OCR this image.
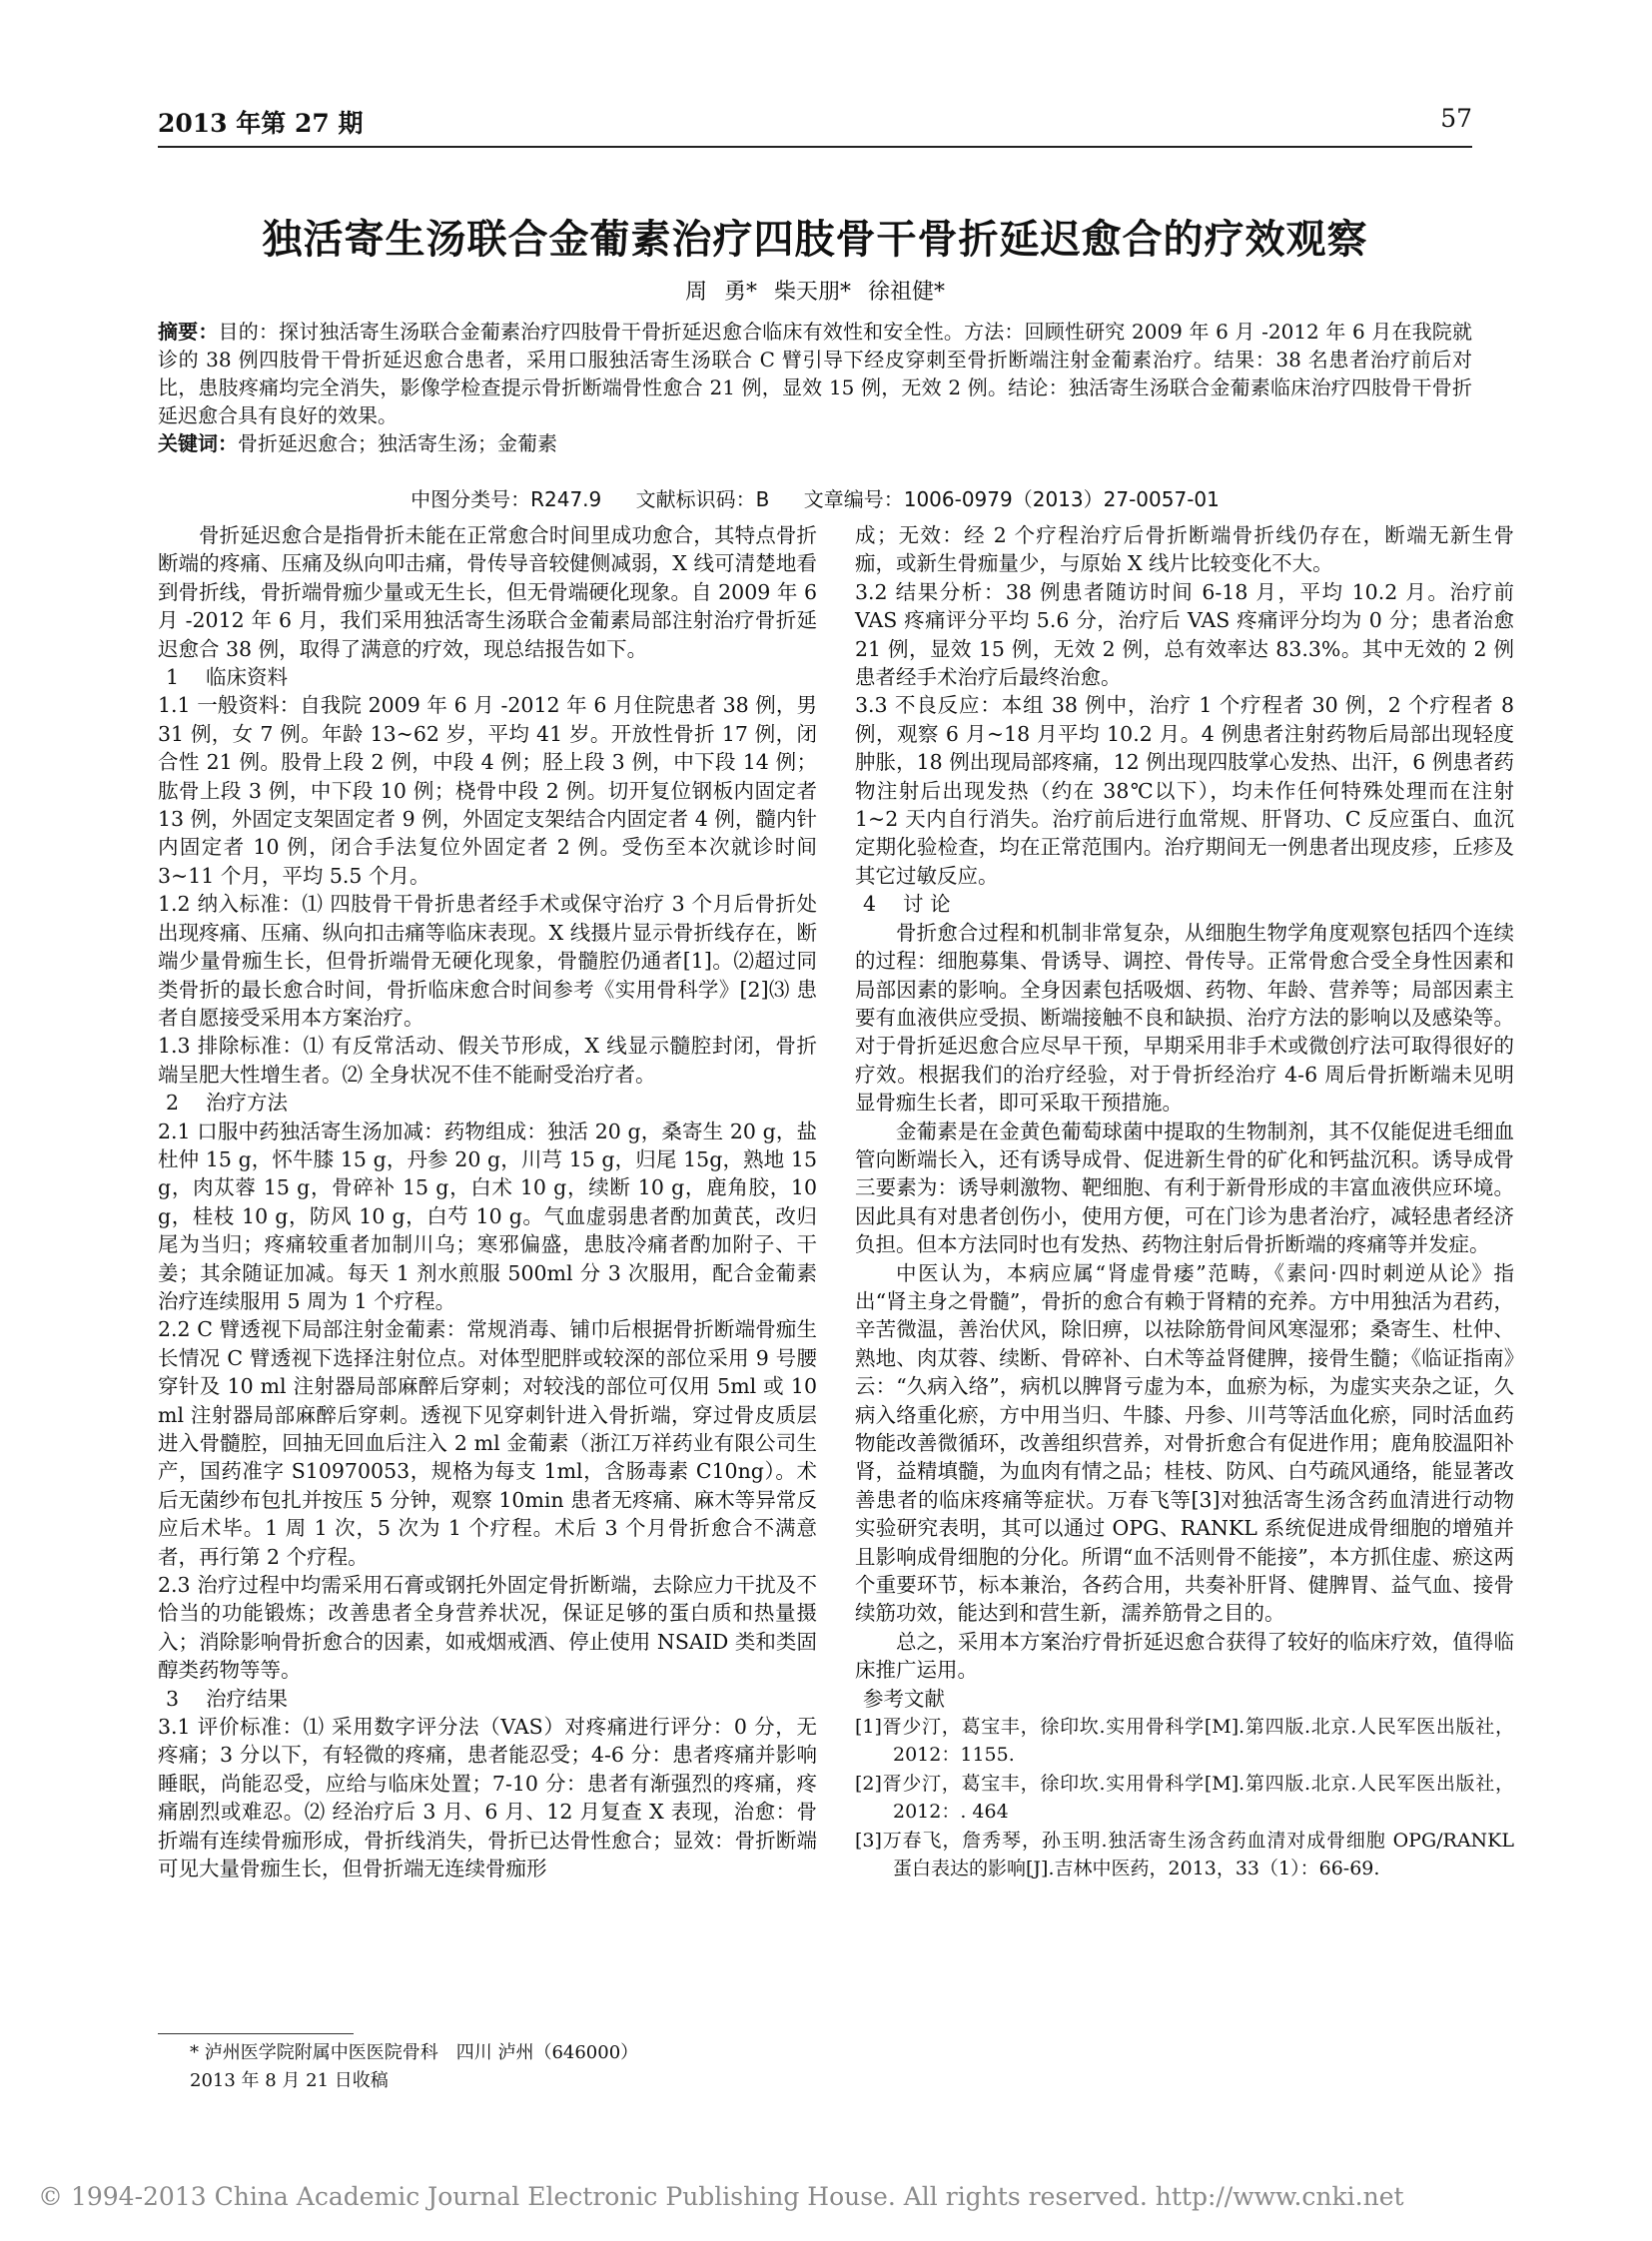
2013 年第 27 期	57
独活寄生汤联合金葡素治疗四肢骨干骨折延迟愈合的疗效观察
周 勇* 柴天朋* 徐祖健*

摘要：目的：探讨独活寄生汤联合金葡素治疗四肢骨干骨折延迟愈合临床有效性和安全性。方法：回顾性研究 2009 年 6 月 -2012 年 6 月在我院就诊的 38 例四肢骨干骨折延迟愈合患者，采用口服独活寄生汤联合 C 臂引导下经皮穿刺至骨折断端注射金葡素治疗。结果：38 名患者治疗前后对比，患肢疼痛均完全消失，影像学检查提示骨折断端骨性愈合 21 例，显效 15 例，无效 2 例。结论：独活寄生汤联合金葡素临床治疗四肢骨干骨折延迟愈合具有良好的效果。

关键词：骨折延迟愈合；独活寄生汤；金葡素

中图分类号：R247.9 文献标识码：B 文章编号：1006-0979（2013）27-0057-01

骨折延迟愈合是指骨折未能在正常愈合时间里成功愈合，其特点骨折断端的疼痛、压痛及纵向叩击痛，骨传导音较健侧减弱，X 线可清楚地看到骨折线，骨折端骨痂少量或无生长，但无骨端硬化现象。自 2009 年 6 月 -2012 年 6 月，我们采用独活寄生汤联合金葡素局部注射治疗骨折延迟愈合 38 例，取得了满意的疗效，现总结报告如下。

1　 临床资料

1.1 一般资料：自我院 2009 年 6 月 -2012 年 6 月住院患者 38 例，男 31 例，女 7 例。年龄 13~62 岁，平均 41 岁。开放性骨折 17 例，闭合性 21 例。股骨上段 2 例，中段 4 例；胫上段 3 例，中下段 14 例；肱骨上段 3 例，中下段 10 例；桡骨中段 2 例。切开复位钢板内固定者 13 例，外固定支架固定者 9 例，外固定支架结合内固定者 4 例，髓内针内固定者 10 例，闭合手法复位外固定者 2 例。受伤至本次就诊时间 3~11 个月，平均 5.5 个月。

1.2 纳入标准：⑴ 四肢骨干骨折患者经手术或保守治疗 3 个月后骨折处出现疼痛、压痛、纵向扣击痛等临床表现。X 线摄片显示骨折线存在，断端少量骨痂生长，但骨折端骨无硬化现象，骨髓腔仍通者[1]。⑵超过同类骨折的最长愈合时间，骨折临床愈合时间参考《实用骨科学》[2]⑶ 患者自愿接受采用本方案治疗。

1.3 排除标准：⑴ 有反常活动、假关节形成，X 线显示髓腔封闭，骨折端呈肥大性增生者。⑵ 全身状况不佳不能耐受治疗者。

2　 治疗方法

2.1 口服中药独活寄生汤加减：药物组成：独活 20 g，桑寄生 20 g，盐杜仲 15 g，怀牛膝 15 g，丹参 20 g，川芎 15 g，归尾 15g，熟地 15 g，肉苁蓉 15 g，骨碎补 15 g，白术 10 g，续断 10 g，鹿角胶，10 g，桂枝 10 g，防风 10 g，白芍 10 g。气血虚弱患者酌加黄芪，改归尾为当归；疼痛较重者加制川乌；寒邪偏盛，患肢冷痛者酌加附子、干姜；其余随证加减。每天 1 剂水煎服 500ml 分 3 次服用，配合金葡素治疗连续服用 5 周为 1 个疗程。

2.2 C 臂透视下局部注射金葡素：常规消毒、铺巾后根据骨折断端骨痂生长情况 C 臂透视下选择注射位点。对体型肥胖或较深的部位采用 9 号腰穿针及 10 ml 注射器局部麻醉后穿刺；对较浅的部位可仅用 5ml 或 10 ml 注射器局部麻醉后穿刺。透视下见穿刺针进入骨折端，穿过骨皮质层进入骨髓腔，回抽无回血后注入 2 ml 金葡素（浙江万祥药业有限公司生产，国药准字 S10970053，规格为每支 1ml，含肠毒素 C10ng）。术后无菌纱布包扎并按压 5 分钟，观察 10min 患者无疼痛、麻木等异常反应后术毕。1 周 1 次，5 次为 1 个疗程。术后 3 个月骨折愈合不满意者，再行第 2 个疗程。

2.3 治疗过程中均需采用石膏或钢托外固定骨折断端，去除应力干扰及不恰当的功能锻炼；改善患者全身营养状况，保证足够的蛋白质和热量摄入；消除影响骨折愈合的因素，如戒烟戒酒、停止使用 NSAID 类和类固醇类药物等等。

3　 治疗结果

3.1 评价标准：⑴ 采用数字评分法（VAS）对疼痛进行评分：0 分，无疼痛；3 分以下，有轻微的疼痛，患者能忍受；4-6 分：患者疼痛并影响睡眠，尚能忍受，应给与临床处置；7-10 分：患者有渐强烈的疼痛，疼痛剧烈或难忍。⑵ 经治疗后 3 月、6 月、12 月复查 X 表现，治愈：骨折端有连续骨痂形成，骨折线消失，骨折已达骨性愈合；显效：骨折断端可见大量骨痂生长，但骨折端无连续骨痂形

成；无效：经 2 个疗程治疗后骨折断端骨折线仍存在，断端无新生骨痂，或新生骨痂量少，与原始 X 线片比较变化不大。

3.2 结果分析：38 例患者随访时间 6-18 月，平均 10.2 月。治疗前 VAS 疼痛评分平均 5.6 分，治疗后 VAS 疼痛评分均为 0 分；患者治愈 21 例，显效 15 例，无效 2 例，总有效率达 83.3%。其中无效的 2 例患者经手术治疗后最终治愈。

3.3 不良反应：本组 38 例中，治疗 1 个疗程者 30 例，2 个疗程者 8 例，观察 6 月~18 月平均 10.2 月。4 例患者注射药物后局部出现轻度肿胀，18 例出现局部疼痛，12 例出现四肢掌心发热、出汗，6 例患者药物注射后出现发热（约在 38℃以下），均未作任何特殊处理而在注射 1~2 天内自行消失。治疗前后进行血常规、肝肾功、C 反应蛋白、血沉定期化验检查，均在正常范围内。治疗期间无一例患者出现皮疹，丘疹及其它过敏反应。

4　 讨 论

骨折愈合过程和机制非常复杂，从细胞生物学角度观察包括四个连续的过程：细胞募集、骨诱导、调控、骨传导。正常骨愈合受全身性因素和局部因素的影响。全身因素包括吸烟、药物、年龄、营养等；局部因素主要有血液供应受损、断端接触不良和缺损、治疗方法的影响以及感染等。对于骨折延迟愈合应尽早干预，早期采用非手术或微创疗法可取得很好的疗效。根据我们的治疗经验，对于骨折经治疗 4-6 周后骨折断端未见明显骨痂生长者，即可采取干预措施。

金葡素是在金黄色葡萄球菌中提取的生物制剂，其不仅能促进毛细血管向断端长入，还有诱导成骨、促进新生骨的矿化和钙盐沉积。诱导成骨三要素为：诱导刺激物、靶细胞、有利于新骨形成的丰富血液供应环境。因此具有对患者创伤小，使用方便，可在门诊为患者治疗，减轻患者经济负担。但本方法同时也有发热、药物注射后骨折断端的疼痛等并发症。

中医认为，本病应属“肾虚骨痿”范畴，《素问·四时刺逆从论》指出“肾主身之骨髓”，骨折的愈合有赖于肾精的充养。方中用独活为君药，辛苦微温，善治伏风，除旧痹，以祛除筋骨间风寒湿邪；桑寄生、杜仲、熟地、肉苁蓉、续断、骨碎补、白术等益肾健脾，接骨生髓；《临证指南》云：“久病入络”，病机以脾肾亏虚为本，血瘀为标，为虚实夹杂之证，久病入络重化瘀，方中用当归、牛膝、丹参、川芎等活血化瘀，同时活血药物能改善微循环，改善组织营养，对骨折愈合有促进作用；鹿角胶温阳补肾，益精填髓，为血肉有情之品；桂枝、防风、白芍疏风通络，能显著改善患者的临床疼痛等症状。万春飞等[3]对独活寄生汤含药血清进行动物实验研究表明，其可以通过 OPG、RANKL 系统促进成骨细胞的增殖并且影响成骨细胞的分化。所谓“血不活则骨不能接”，本方抓住虚、瘀这两个重要环节，标本兼治，各药合用，共奏补肝肾、健脾胃、益气血、接骨续筋功效，能达到和营生新，濡养筋骨之目的。

总之，采用本方案治疗骨折延迟愈合获得了较好的临床疗效，值得临床推广运用。

参考文献

[1]胥少汀，葛宝丰，徐印坎.实用骨科学[M].第四版.北京.人民军医出版社，2012：1155.

[2]胥少汀，葛宝丰，徐印坎.实用骨科学[M].第四版.北京.人民军医出版社，2012：. 464

[3]万春飞，詹秀琴，孙玉明.独活寄生汤含药血清对成骨细胞 OPG/RANKL 蛋白表达的影响[J].吉林中医药，2013，33（1）：66-69.

* 泸州医学院附属中医医院骨科　四川 泸州（646000）

2013 年 8 月 21 日收稿

© 1994-2013 China Academic Journal Electronic Publishing House. All rights reserved. http://www.cnki.net
